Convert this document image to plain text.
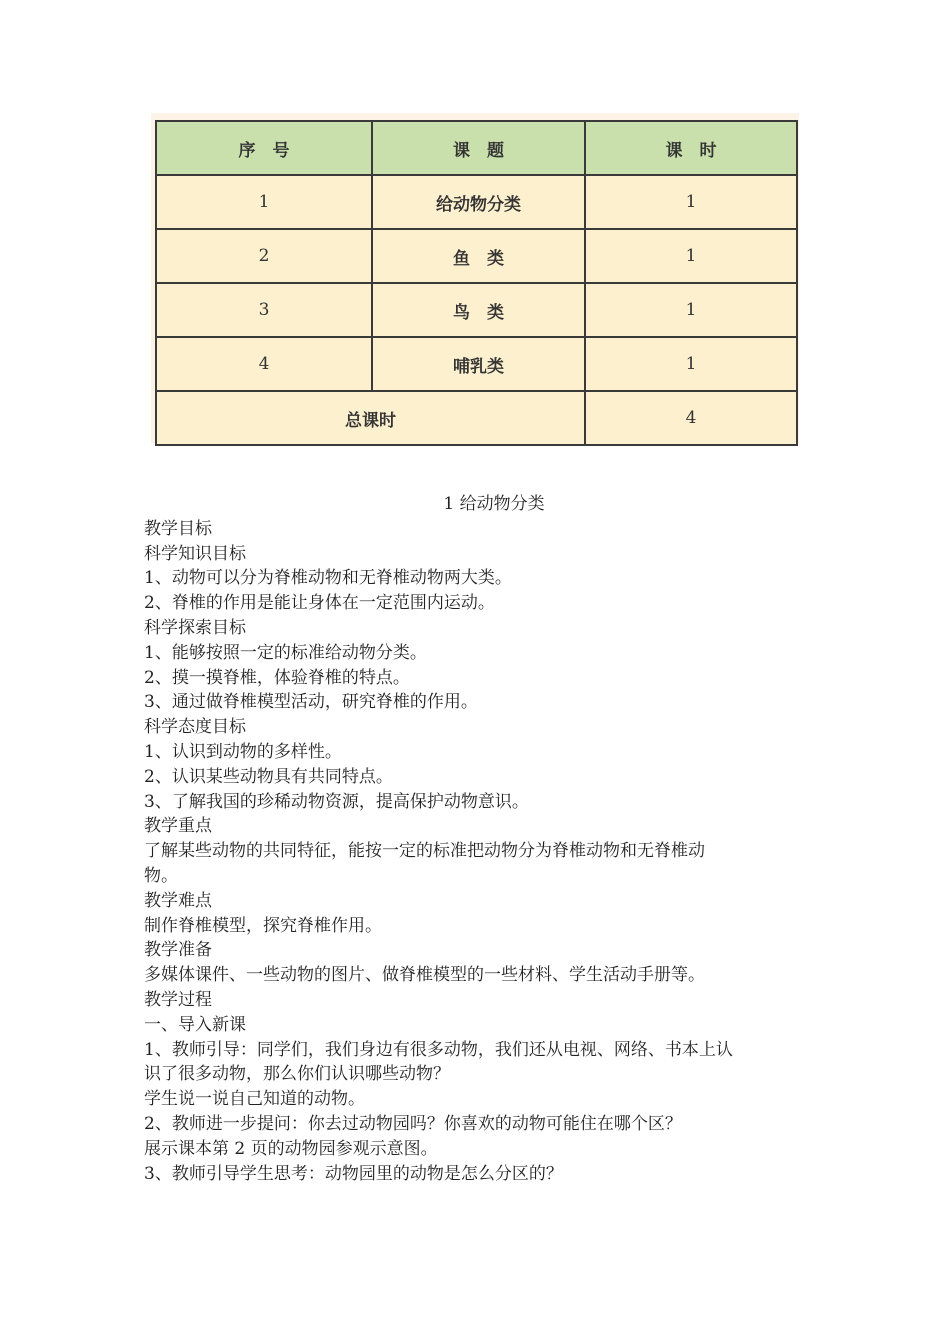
序　号	课　题	课　时
1	给动物分类	1
2	鱼　类	1
3	鸟　类	1
4	哺乳类	1
总课时		4

1 给动物分类

教学目标

科学知识目标

1、动物可以分为脊椎动物和无脊椎动物两大类。

2、脊椎的作用是能让身体在一定范围内运动。

科学探索目标

1、能够按照一定的标准给动物分类。

2、摸一摸脊椎，体验脊椎的特点。

3、通过做脊椎模型活动，研究脊椎的作用。

科学态度目标

1、认识到动物的多样性。

2、认识某些动物具有共同特点。

3、了解我国的珍稀动物资源，提高保护动物意识。

教学重点

了解某些动物的共同特征，能按一定的标准把动物分为脊椎动物和无脊椎动

物。

教学难点

制作脊椎模型，探究脊椎作用。

教学准备

多媒体课件、一些动物的图片、做脊椎模型的一些材料、学生活动手册等。

教学过程

一、导入新课

1、教师引导：同学们，我们身边有很多动物，我们还从电视、网络、书本上认

识了很多动物，那么你们认识哪些动物？

学生说一说自己知道的动物。

2、教师进一步提问：你去过动物园吗？你喜欢的动物可能住在哪个区？

展示课本第 2 页的动物园参观示意图。

3、教师引导学生思考：动物园里的动物是怎么分区的？
